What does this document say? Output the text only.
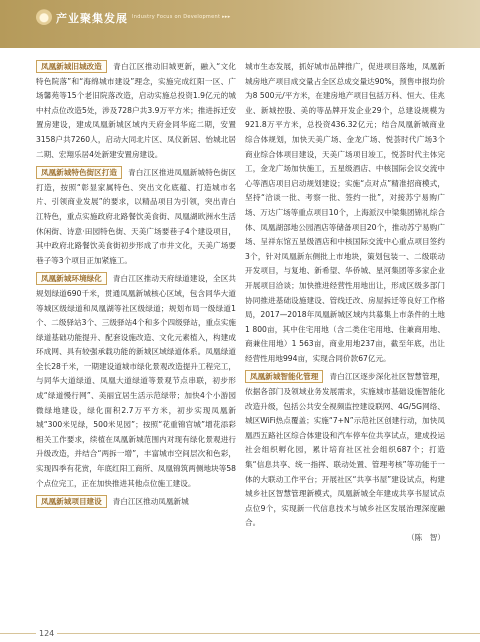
产业聚集发展 Industry Focus on Development ▸▸▸
凤凰新城旧城改造 青白江区推动旧城更新，融入“文化特色院落”和“海绵城市建设”理念，实施完成红阳一区、广场馨苑等15个老旧院落改造，启动实施总投资1.9亿元的城中村点位改造5处，涉及728户共3.9万平方米；推进拆迁安置房建设，建成凤凰新城区域内天府金同华庭二期，安置3158户共7260人，启动大同北片区、凤仪新居、怡城北居二期、宏翔乐居4处新建安置房建设。
凤凰新城特色街区打造 青白江区推进凤凰新城特色街区打造，按照“彰显家属特色、突出文化底蕴、打造城市名片、引领商业发展”的要求，以精品项目为引领，突出青白江特色，重点实施政府北路餐饮美食街、凤凰湖欧洲水生活休闲街、诗意·田园特色街、天美广场要巷子4个建设项目，其中政府北路餐饮美食街初步形成了市井文化，天美广场要巷子等3个项目正加紧施工。
凤凰新城环境绿化 青白江区推动天府绿道建设，全区共规划绿道690千米，贯通凤凰新城核心区域，包含同华大道等城区级绿道和凤凰湖等社区级绿道；规划布局一级绿道1个、二级驿站3个、三级驿站4个和多个四级驿站，重点实施绿道基础功能提升、配套设施改造、文化元素植入，构建成环成网、具有较强承载功能的新城区域绿道体系。凤凰绿道全长28千米，一期建设道城市绿化景观改造提升工程完工，与同华大道绿道、凤凰大道绿道等景观节点串联，初步形成“绿道慢行网”、美丽宜居生活示范绿带；加快4个小游园微绿地建设，绿化面积2.7万平方米，初步实现凤凰新城“300米见绿，500米见园”；按照“花重锦官城”增花添彩相关工作要求，续植在凤凰新城范围内对现有绿化景观进行升级改造，并结合“两拆一增”，丰富城市空间层次和色彩，实现四季有花赏，年底红阳工商所、凤凰锦筑两侧地块等58个点位完工，正在加快推进其他点位施工建设。
凤凰新城项目建设 青白江区推动凤凰新城
城市生态发展，抓好城市品牌推广，促进项目落地，凤凰新城房地产项目成交量占全区总成交量达90%，预售申报均价为8 500元/平方米，在建房地产项目包括万科、恒大、佳兆业、新城控股、美的等品牌开发企业29个，总建设规模为921.8万平方米，总投资436.32亿元；结合凤凰新城商业综合体规划，加快天美广场、金龙广场、悦荟时代广场3个商业综合体项目建设，天美广场项目竣工，悦荟时代主体完工，金龙广场加快施工，五星级酒店、中核国际会议交流中心等酒店项目启动规划建设；实施“点对点”精准招商模式，坚持“洽谈一批、考察一批、签约一批”，对接苏宁易购广场、万达广场等重点项目10个，上海派汉中梁集团锦礼综合体、凤凰湖部地公园酒店等储备项目20个，推动苏宁易购广场、呈祥东馆五星级酒店和中核国际交流中心重点项目签约3个，针对凤凰新东侧批上市地块，策划包装一、二级联动开发项目，与复地、新希望、华侨城、星河集团等多家企业开展项目洽谈；加快推进经营性用地出让，形成区级多部门协同推进基础设施建设、管线迁改、房屋拆迁等良好工作格局，2017—2018年凤凰新城区域内共募集上市条件的土地1 800亩，其中住宅用地（含二类住宅用地、住兼商用地、商兼住用地）1 563亩，商业用地237亩，截至年底，出让经营性用地994亩，实现合同价款67亿元。
凤凰新城智能化管理 青白江区逐步深化社区智慧管理，依据各部门及领域业务发展需求，实施城市基础设施智能化改造升级，包括公共安全视频监控建设联网、4G/5G网络、城区WiFi热点覆盖；实施“7+N”示范社区创建行动，加快凤凰西五路社区综合体建设和汽车停车位共享试点，建成投运社会组织孵化园，累计培育社区社会组织687个；打造集“信息共享、统一指挥、联动处置、管理考核”等功能于一体的大联动工作平台；开展社区“共享书屋”建设试点，构建城乡社区智慧管理新模式，凤凰新城全年建成共享书屋试点点位9个，实现新一代信息技术与城乡社区发展治理深度融合。
（陈　智）
124
